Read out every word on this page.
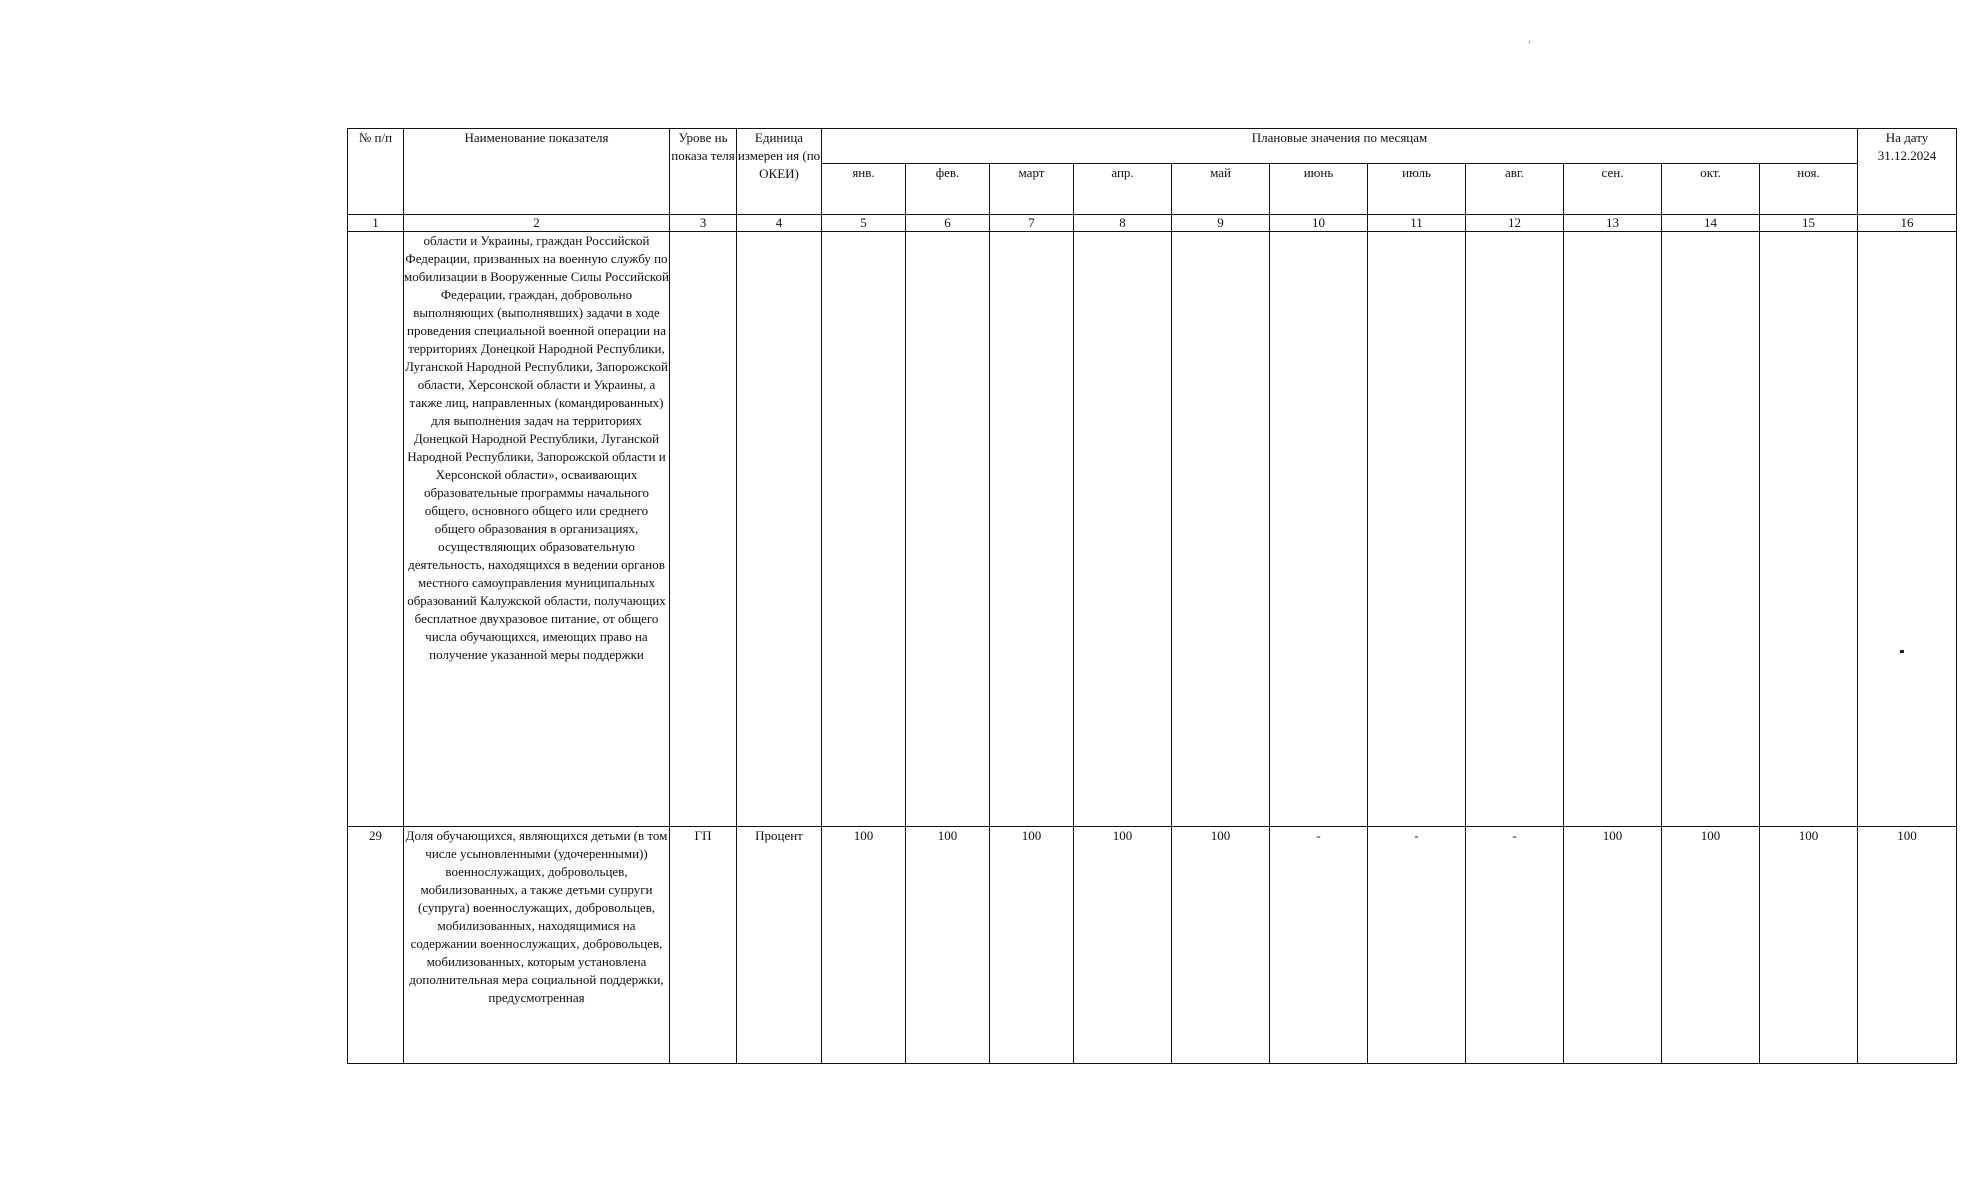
‘
№ п/п	Наименование показателя	Урове нь показа теля	Единица измерен ия (по ОКЕИ)	Плановые значения по месяцам											На дату 31.12.2024
				янв.	фев.	март	апр.	май	июнь	июль	авг.	сен.	окт.	ноя.	
1	2	3	4	5	6	7	8	9	10	11	12	13	14	15	16

	области и Украины, граждан Российской Федерации, призванных на военную службу по мобилизации в Вооруженные Силы Российской Федерации, граждан, добровольно выполняющих (выполнявших) задачи в ходе проведения специальной военной операции на территориях Донецкой Народной Республики, Луганской Народной Республики, Запорожской области, Херсонской области и Украины, а также лиц, направленных (командированных) для выполнения задач на территориях Донецкой Народной Республики, Луганской Народной Республики, Запорожской области и Херсонской области», осваивающих образовательные программы начального общего, основного общего или среднего общего образования в организациях, осуществляющих образовательную деятельность, находящихся в ведении органов местного самоуправления муниципальных образований Калужской области, получающих бесплатное двухразовое питание, от общего числа обучающихся, имеющих право на получение указанной меры поддержки														

29	Доля обучающихся, являющихся детьми (в том числе усыновленными (удочеренными)) военнослужащих, добровольцев, мобилизованных, а также детьми супруги (супруга) военнослужащих, добровольцев, мобилизованных, находящимися на содержании военнослужащих, добровольцев, мобилизованных, которым установлена дополнительная мера социальной поддержки, предусмотренная	ГП	Процент	100	100	100	100	100	-	-	-	100	100	100	100
